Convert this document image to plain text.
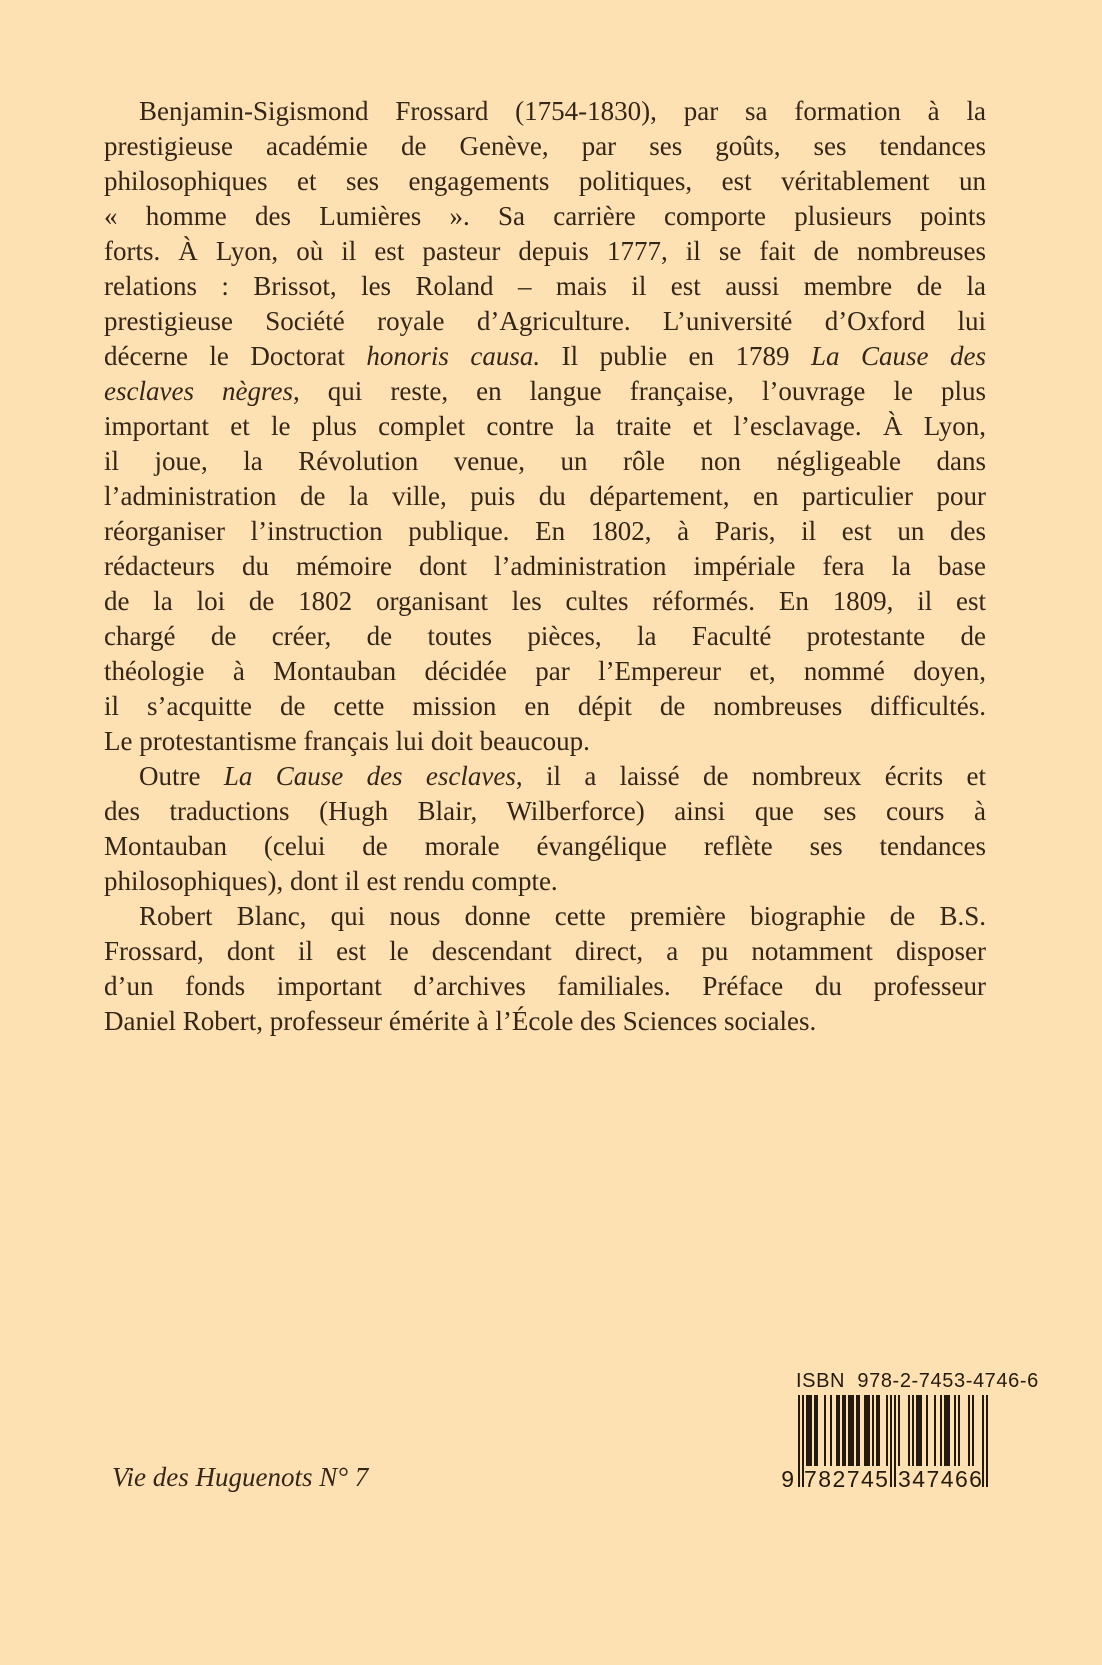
Benjamin-Sigismond Frossard (1754-1830), par sa formation à la
prestigieuse académie de Genève, par ses goûts, ses tendances
philosophiques et ses engagements politiques, est véritablement un
« homme des Lumières ». Sa carrière comporte plusieurs points
forts. À Lyon, où il est pasteur depuis 1777, il se fait de nombreuses
relations : Brissot, les Roland – mais il est aussi membre de la
prestigieuse Société royale d’Agriculture. L’université d’Oxford lui
décerne le Doctorat honoris causa. Il publie en 1789 La Cause des
esclaves nègres, qui reste, en langue française, l’ouvrage le plus
important et le plus complet contre la traite et l’esclavage. À Lyon,
il joue, la Révolution venue, un rôle non négligeable dans
l’administration de la ville, puis du département, en particulier pour
réorganiser l’instruction publique. En 1802, à Paris, il est un des
rédacteurs du mémoire dont l’administration impériale fera la base
de la loi de 1802 organisant les cultes réformés. En 1809, il est
chargé de créer, de toutes pièces, la Faculté protestante de
théologie à Montauban décidée par l’Empereur et, nommé doyen,
il s’acquitte de cette mission en dépit de nombreuses difficultés.
Le protestantisme français lui doit beaucoup.
Outre La Cause des esclaves, il a laissé de nombreux écrits et
des traductions (Hugh Blair, Wilberforce) ainsi que ses cours à
Montauban (celui de morale évangélique reflète ses tendances
philosophiques), dont il est rendu compte.
Robert Blanc, qui nous donne cette première biographie de B.S.
Frossard, dont il est le descendant direct, a pu notamment disposer
d’un fonds important d’archives familiales. Préface du professeur
Daniel Robert, professeur émérite à l’École des Sciences sociales.
Vie des Huguenots N° 7
ISBN  978-2-7453-4746-6
9 7 8 2 7 4 5 3 4 7 4 6 6
